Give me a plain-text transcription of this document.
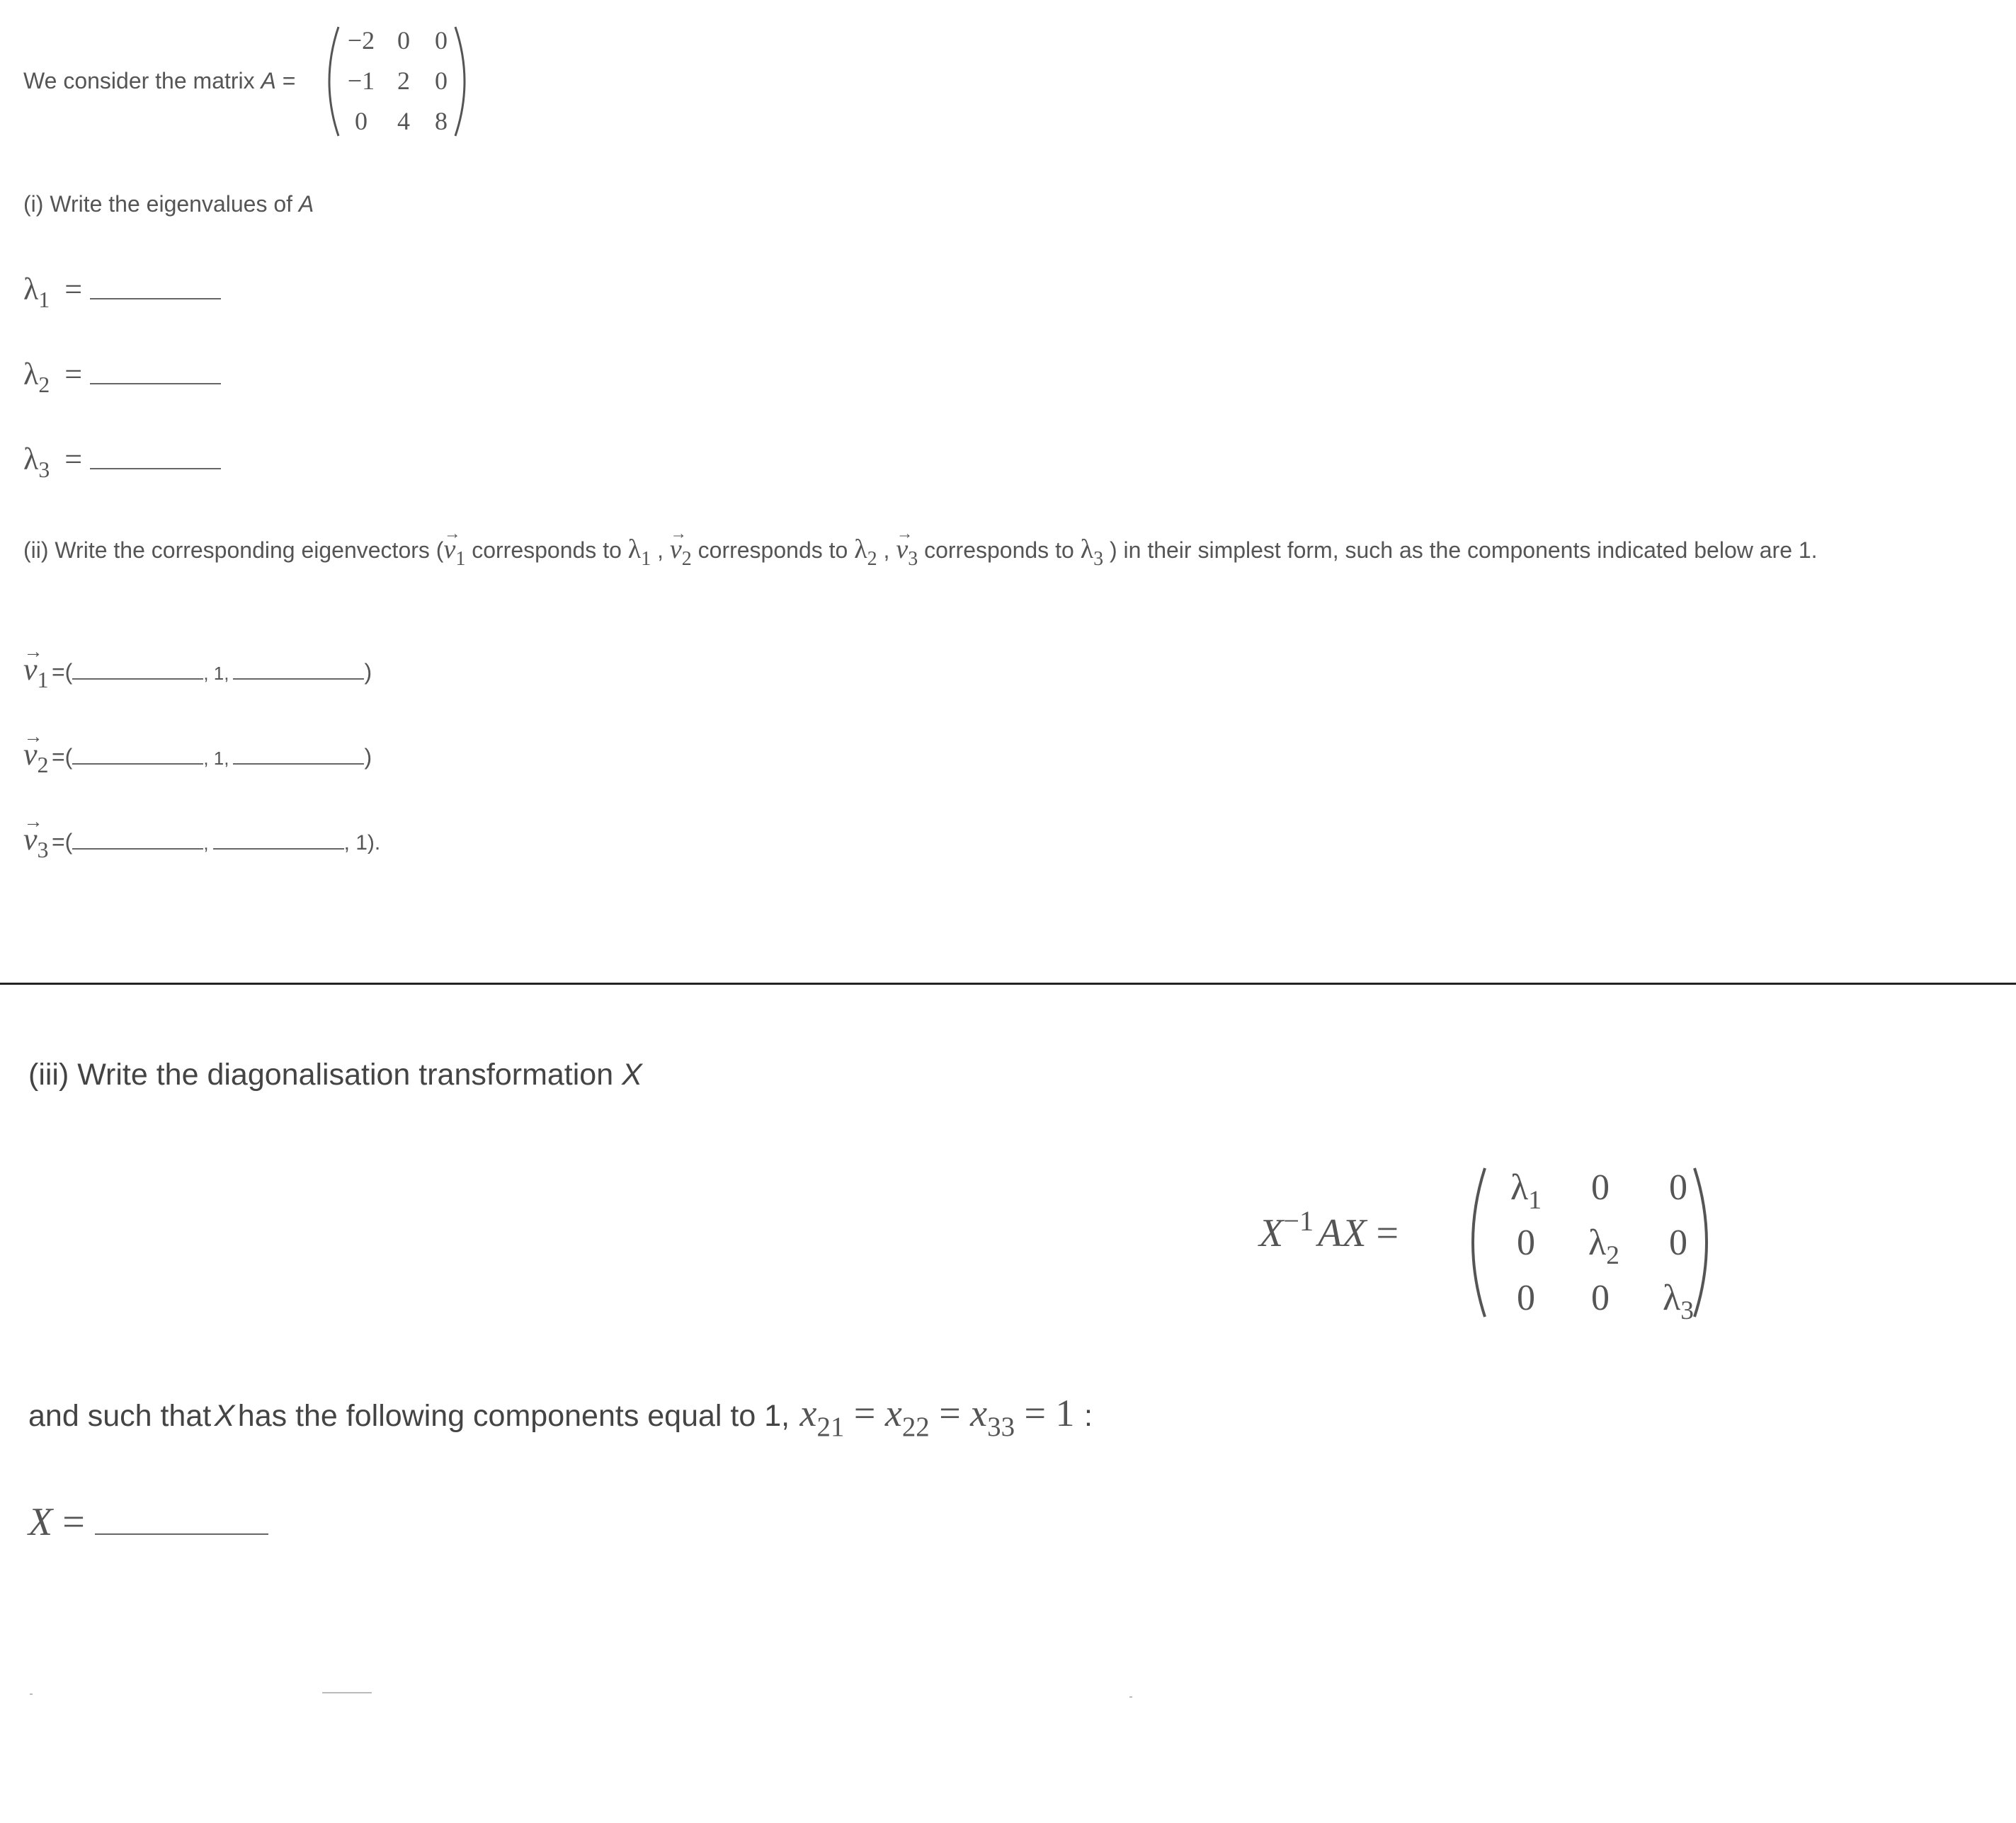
We consider the matrix A =
−2 0 0
−1 2 0
0	4 8
(i) Write the eigenvalues of A
$\lambda_1$ =
$\lambda_2$ =
$\lambda_3$ =
(ii) Write the corresponding eigenvectors (→ v1 corresponds to λ1 , → v2 corresponds to λ2 , → v3 corresponds to λ3 ) in their simplest form, such as the components indicated below are 1.
→ v1 =(	, 1,	)
→ v2 =(	, 1,	)
→ v3 =(	,	, 1).
(iii) Write the diagonalisation transformation X
$X^{-1}$ AX =
$\lambda_1$	0	0
0	$\lambda_2$	0
0	0	$\lambda_3$
and such that X has the following components equal to 1, $x_{21} = x_{22} = x_{33} = 1$ :
X =
